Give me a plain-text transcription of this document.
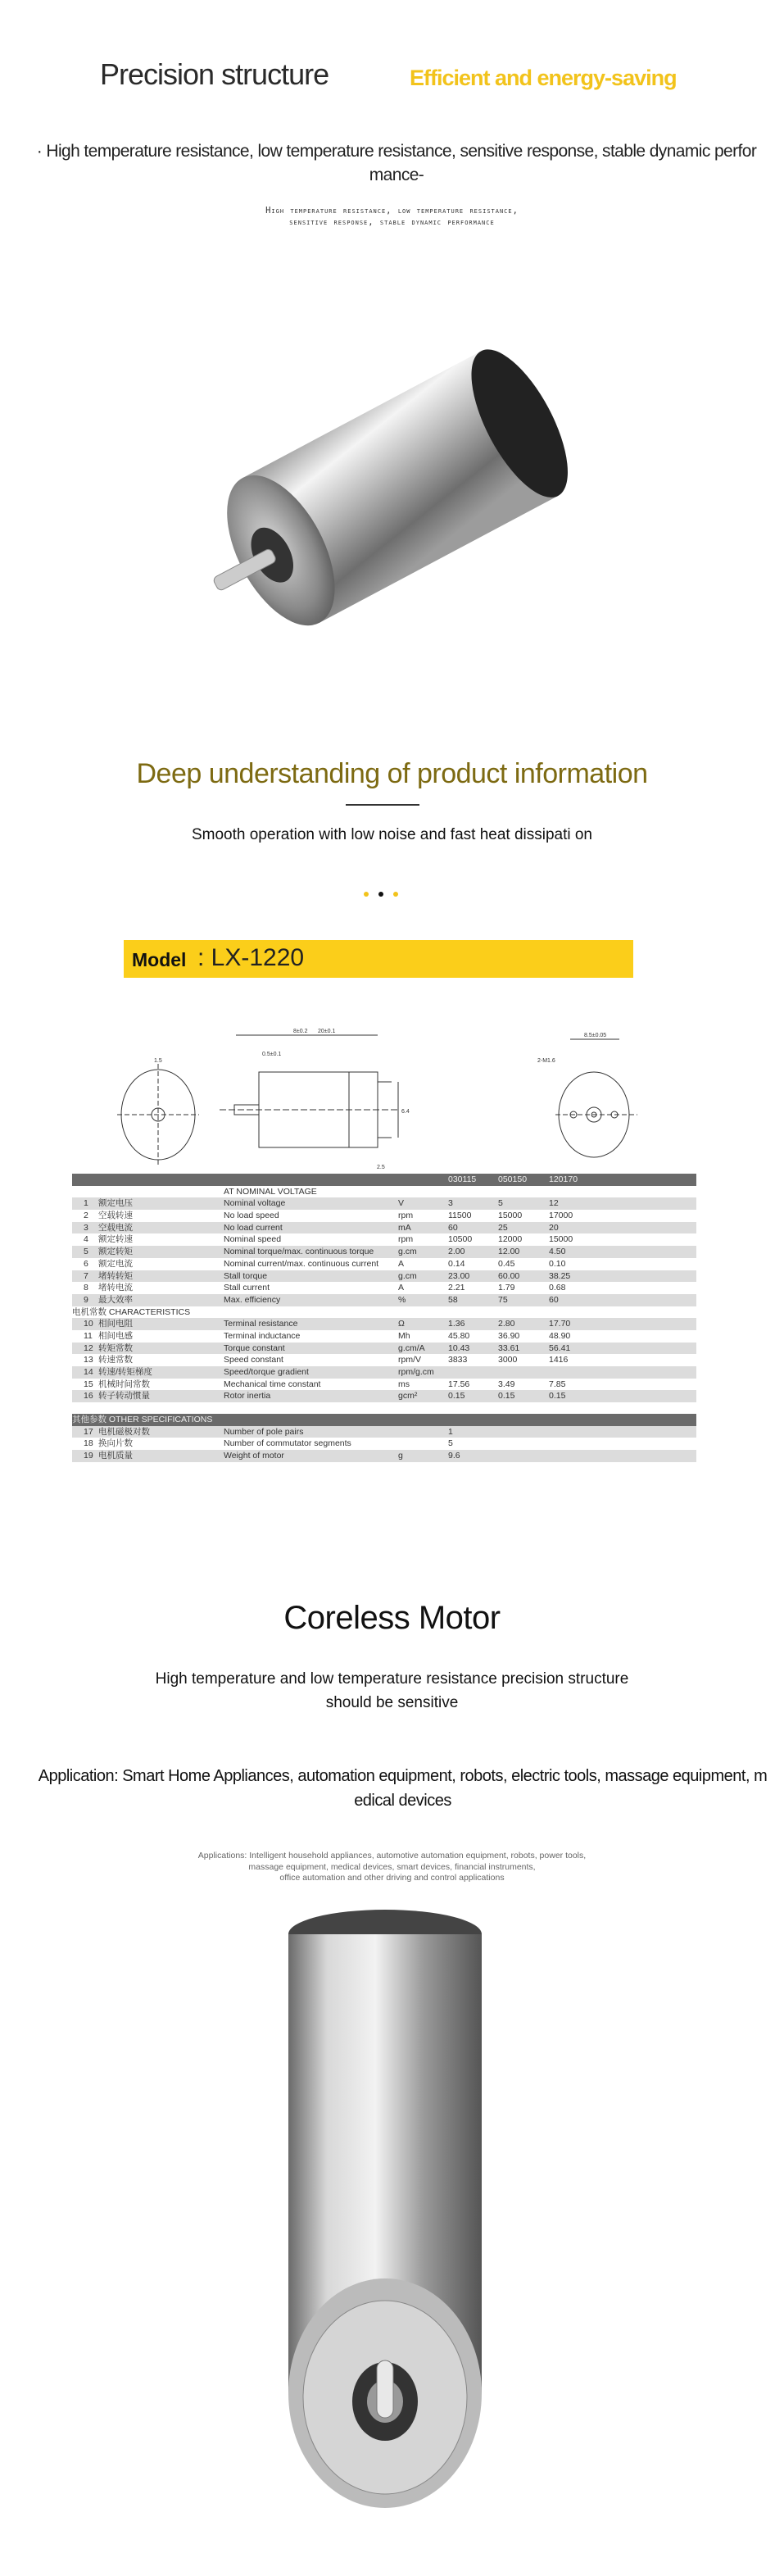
Precision structure	Efficient and energy-saving
· High temperature resistance, low temperature resistance, sensitive response, stable dynamic perfor mance-
High temperature resistance, low temperature resistance,
sensitive response, stable dynamic performance
Deep understanding of product information
Smooth operation with low noise and fast heat dissipati on
Model : LX-1220
8±0.2 20±0.1
0.5±0.1
8.5±0.05
2-M1.6
1.5
2.5
6.4
030115	050150	120170
AT NOMINAL VOLTAGE
1 额定电压	Nominal voltage	V	3	5	12
2 空载转速	No load speed	rpm	11500	15000	17000
3 空载电流	No load current	mA	60	25	20
4 额定转速	Nominal speed	rpm	10500	12000	15000
5 额定转矩	Nominal torque/max. continuous torque	g.cm	2.00	12.00	4.50
6 额定电流	Nominal current/max. continuous current A	0.14	0.45	0.10
7 堵转转矩	Stall torque	g.cm	23.00	60.00	38.25
8 堵转电流	Stall current	A	2.21	1.79	0.68
9 最大效率	Max. efficiency	%	58	75	60
电机常数 CHARACTERISTICS
10 相间电阻	Terminal resistance	Ω	1.36	2.80	17.70
11 相间电感	Terminal inductance	Mh	45.80	36.90	48.90
12 转矩常数	Torque constant	g.cm/A	10.43	33.61	56.41
13 转速常数	Speed constant	rpm/V	3833	3000	1416
14 转速/转矩梯度	Speed/torque gradient	rpm/g.cm
15 机械时间常数	Mechanical time constant	ms	17.56	3.49	7.85
16 转子转动惯量	Rotor inertia	gcm²	0.15	0.15	0.15
其他参数 OTHER SPECIFICATIONS
17 电机磁极对数	Number of pole pairs	1
18 换向片数	Number of commutator segments	5
19 电机质量	Weight of motor	g	9.6
Coreless Motor
High temperature and low temperature resistance precision structure
should be sensitive
Application: Smart Home Appliances, automation equipment, robots, electric tools, massage equipment, m edical devices
Applications: Intelligent household appliances, automotive automation equipment, robots, power tools,
massage equipment, medical devices, smart devices, financial instruments,
office automation and other driving and control applications
